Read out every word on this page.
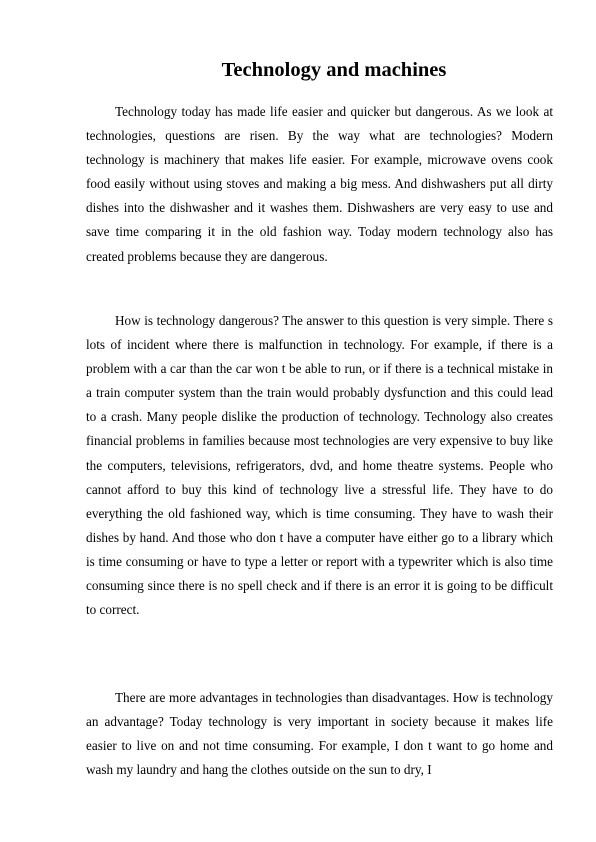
Technology and machines

Technology today has made life easier and quicker but dangerous. As we look at technologies, questions are risen. By the way what are technologies? Modern technology is machinery that makes life easier. For example, microwave ovens cook food easily without using stoves and making a big mess. And dishwashers put all dirty dishes into the dishwasher and it washes them. Dishwashers are very easy to use and save time comparing it in the old fashion way. Today modern technology also has created problems because they are dangerous.

How is technology dangerous? The answer to this question is very simple. There s lots of incident where there is malfunction in technology. For example, if there is a problem with a car than the car won t be able to run, or if there is a technical mistake in a train computer system than the train would probably dysfunction and this could lead to a crash. Many people dislike the production of technology. Technology also creates financial problems in families because most technologies are very expensive to buy like the computers, televisions, refrigerators, dvd, and home theatre systems. People who cannot afford to buy this kind of technology live a stressful life. They have to do everything the old fashioned way, which is time consuming. They have to wash their dishes by hand. And those who don t have a computer have either go to a library which is time consuming or have to type a letter or report with a typewriter which is also time consuming since there is no spell check and if there is an error it is going to be difficult to correct.

There are more advantages in technologies than disadvantages. How is technology an advantage? Today technology is very important in society because it makes life easier to live on and not time consuming. For example, I don t want to go home and wash my laundry and hang the clothes outside on the sun to dry, I
